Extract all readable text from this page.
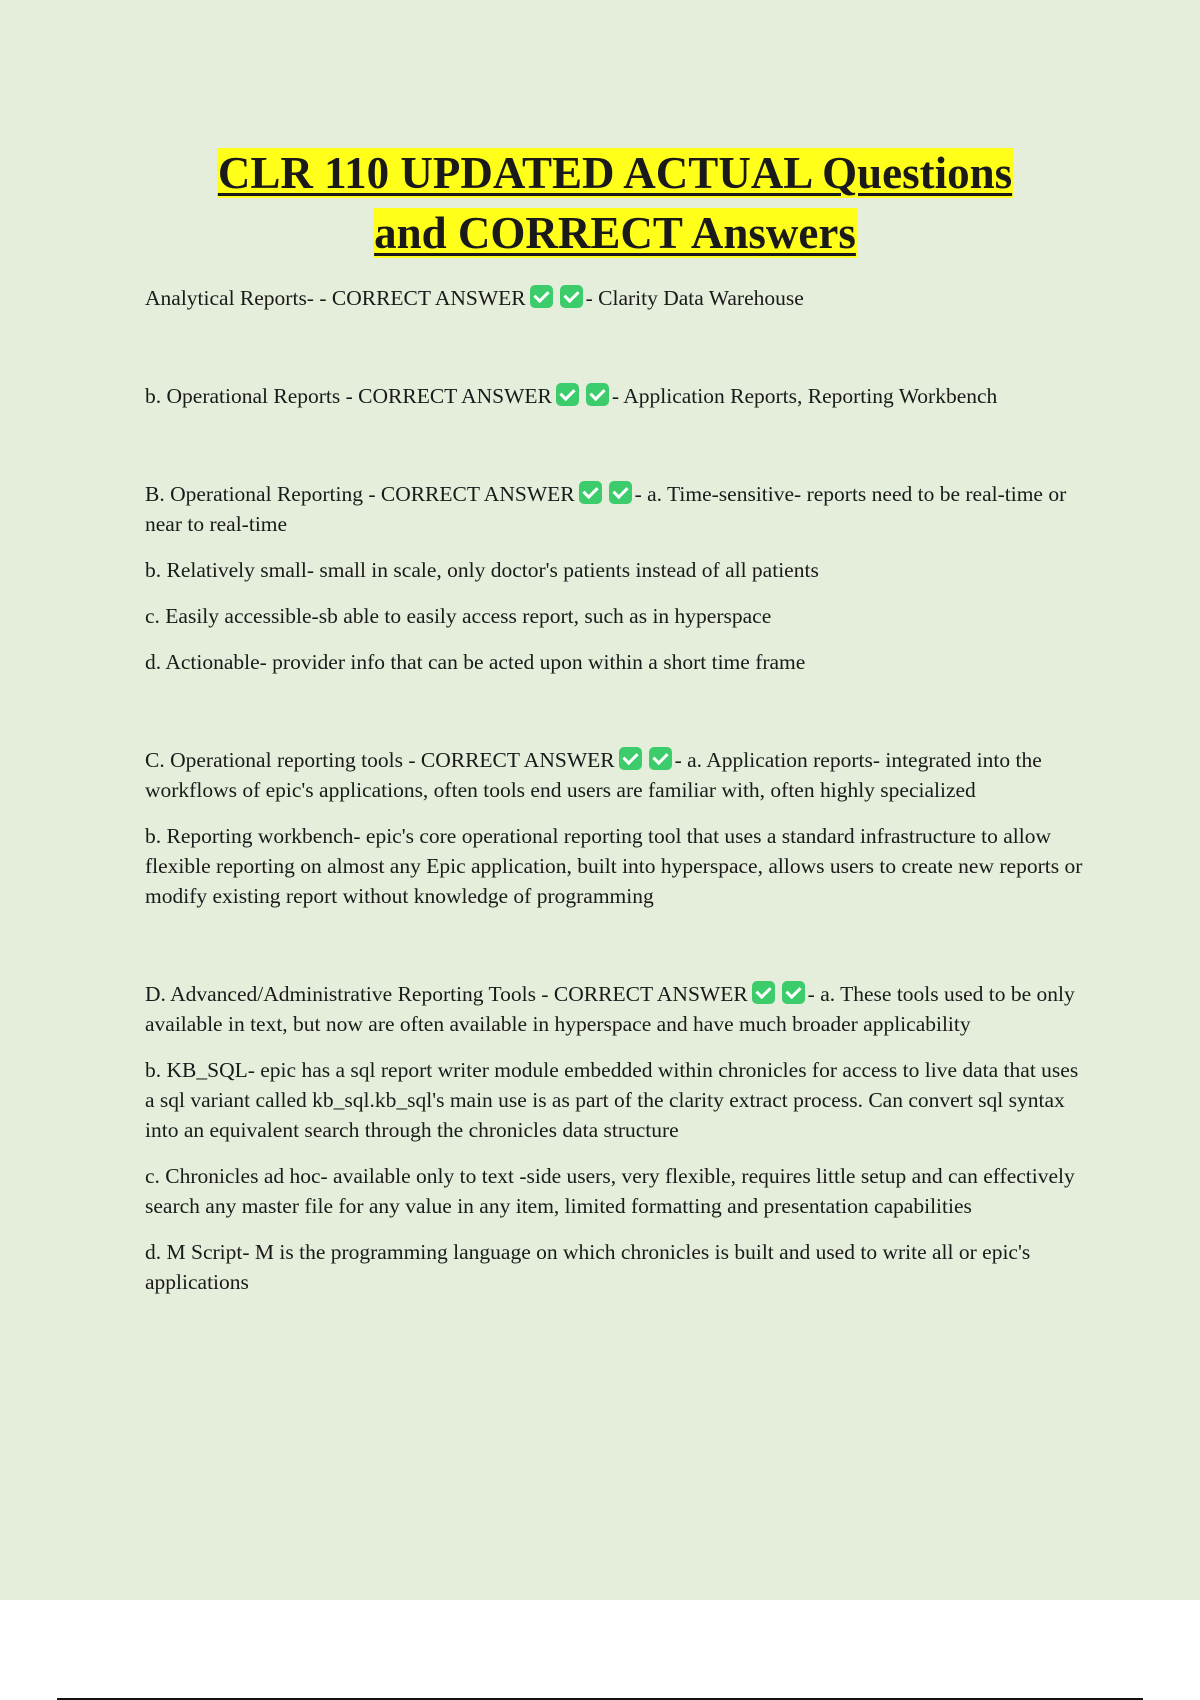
CLR 110 UPDATED ACTUAL Questions
and CORRECT Answers

Analytical Reports- - CORRECT ANSWER	- Clarity Data Warehouse

b. Operational Reports - CORRECT ANSWER	- Application Reports, Reporting Workbench

B. Operational Reporting - CORRECT ANSWER	- a. Time-sensitive- reports need to be real-time or near to real-time

b. Relatively small- small in scale, only doctor's patients instead of all patients

c. Easily accessible-sb able to easily access report, such as in hyperspace

d. Actionable- provider info that can be acted upon within a short time frame

C. Operational reporting tools - CORRECT ANSWER	- a. Application reports- integrated into the workflows of epic's applications, often tools end users are familiar with, often highly specialized

b. Reporting workbench- epic's core operational reporting tool that uses a standard infrastructure to allow flexible reporting on almost any Epic application, built into hyperspace, allows users to create new reports or modify existing report without knowledge of programming

D. Advanced/Administrative Reporting Tools - CORRECT ANSWER	- a. These tools used to be only available in text, but now are often available in hyperspace and have much broader applicability

b. KB_SQL- epic has a sql report writer module embedded within chronicles for access to live data that uses a sql variant called kb_sql.kb_sql's main use is as part of the clarity extract process. Can convert sql syntax into an equivalent search through the chronicles data structure

c. Chronicles ad hoc- available only to text -side users, very flexible, requires little setup and can effectively search any master file for any value in any item, limited formatting and presentation capabilities

d. M Script- M is the programming language on which chronicles is built and used to write all or epic's applications
